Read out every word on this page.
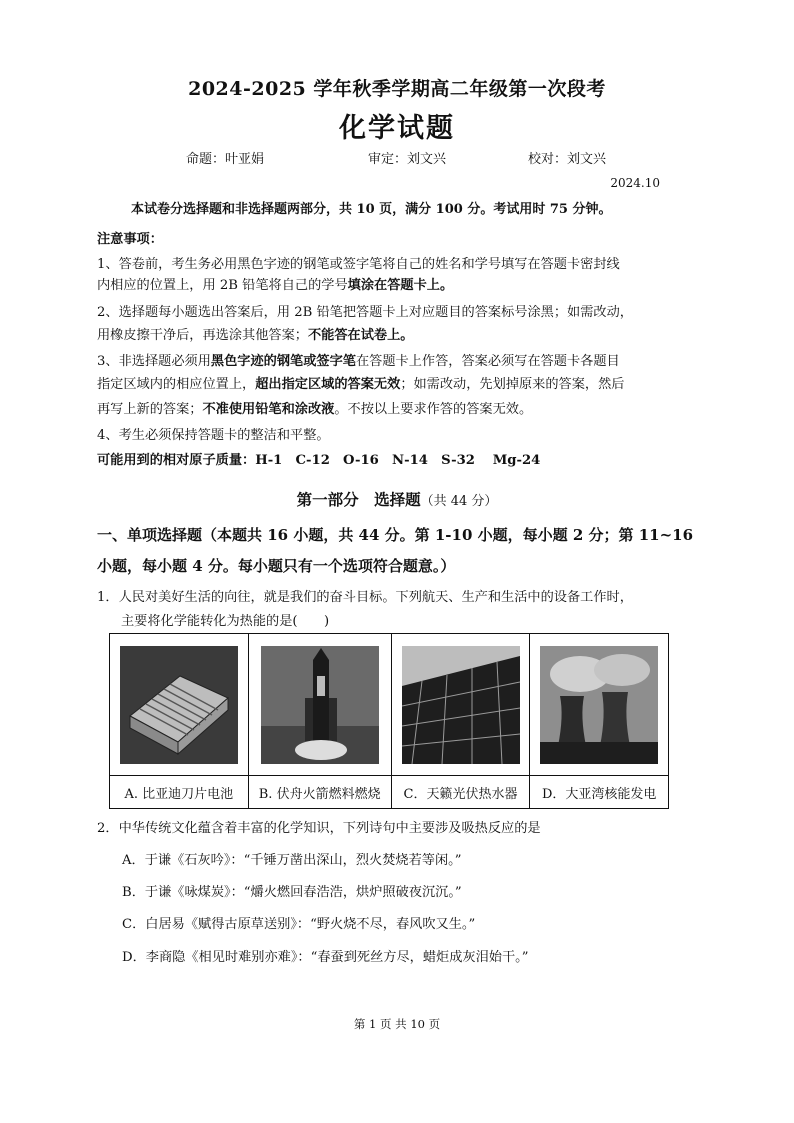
2024-2025 学年秋季学期高二年级第一次段考
化学试题
命题：叶亚娟	审定：刘文兴	校对：刘文兴
2024.10
本试卷分选择题和非选择题两部分，共 10 页，满分 100 分。考试用时 75 分钟。
注意事项：
1、答卷前，考生务必用黑色字迹的钢笔或签字笔将自己的姓名和学号填写在答题卡密封线
内相应的位置上，用 2B 铅笔将自己的学号填涂在答题卡上。
2、选择题每小题选出答案后，用 2B 铅笔把答题卡上对应题目的答案标号涂黑；如需改动，
用橡皮擦干净后，再选涂其他答案；不能答在试卷上。
3、非选择题必须用黑色字迹的钢笔或签字笔在答题卡上作答，答案必须写在答题卡各题目
指定区域内的相应位置上，超出指定区域的答案无效；如需改动，先划掉原来的答案，然后
再写上新的答案；不准使用铅笔和涂改液。不按以上要求作答的答案无效。
4、考生必须保持答题卡的整洁和平整。
可能用到的相对原子质量：H-1　C-12　O-16　N-14　S-32　 Mg-24
第一部分　选择题（共 44 分）
一、单项选择题（本题共 16 小题，共 44 分。第 1-10 小题，每小题 2 分；第 11~16
小题，每小题 4 分。每小题只有一个选项符合题意。）
1．人民对美好生活的向往，就是我们的奋斗目标。下列航天、生产和生活中的设备工作时，
主要将化学能转化为热能的是(　　)

A. 比亚迪刀片电池	B. 伏舟火箭燃料燃烧	C．天籁光伏热水器	D．大亚湾核能发电
2．中华传统文化蕴含着丰富的化学知识，下列诗句中主要涉及吸热反应的是
A．于谦《石灰吟》：“千锤万凿出深山，烈火焚烧若等闲。”
B．于谦《咏煤炭》：“爝火燃回春浩浩，烘炉照破夜沉沉。”
C．白居易《赋得古原草送别》：“野火烧不尽，春风吹又生。”
D．李商隐《相见时难别亦难》：“春蚕到死丝方尽，蜡炬成灰泪始干。”
第 1 页 共 10 页
